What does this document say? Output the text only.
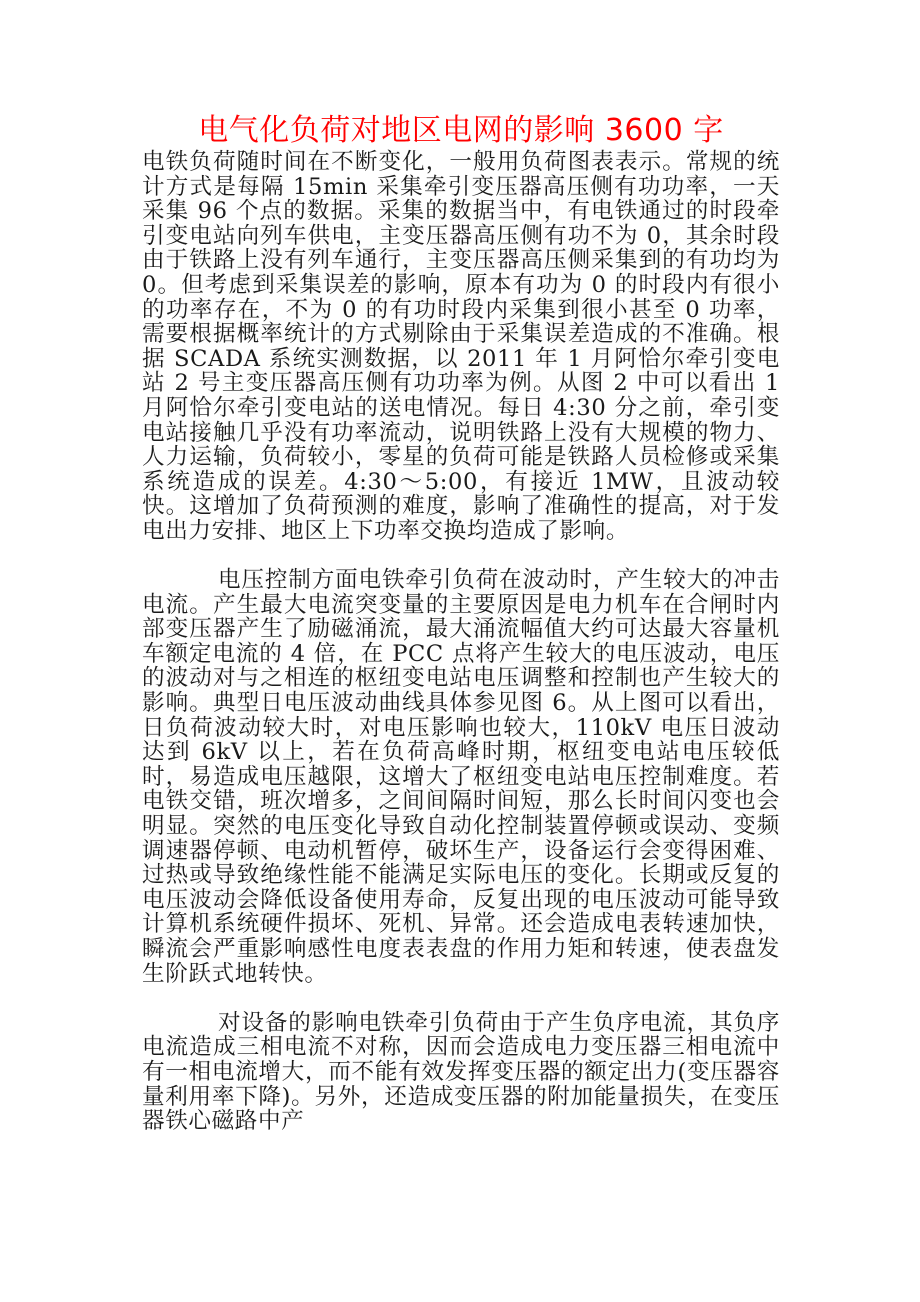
电气化负荷对地区电网的影响 3600 字

电铁负荷随时间在不断变化，一般用负荷图表表示。常规的统计方式是每隔 15min 采集牵引变压器高压侧有功功率，一天采集 96 个点的数据。采集的数据当中，有电铁通过的时段牵引变电站向列车供电，主变压器高压侧有功不为 0，其余时段由于铁路上没有列车通行，主变压器高压侧采集到的有功均为 0。但考虑到采集误差的影响，原本有功为 0 的时段内有很小的功率存在，不为 0 的有功时段内采集到很小甚至 0 功率，需要根据概率统计的方式剔除由于采集误差造成的不准确。根据 SCADA 系统实测数据，以 2011 年 1 月阿恰尔牵引变电站 2 号主变压器高压侧有功功率为例。从图 2 中可以看出 1 月阿恰尔牵引变电站的送电情况。每日 4:30 分之前，牵引变电站接触几乎没有功率流动，说明铁路上没有大规模的物力、人力运输，负荷较小，零星的负荷可能是铁路人员检修或采集系统造成的误差。4:30～5:00，有接近 1MW，且波动较快。这增加了负荷预测的难度，影响了准确性的提高，对于发电出力安排、地区上下功率交换均造成了影响。

电压控制方面电铁牵引负荷在波动时，产生较大的冲击电流。产生最大电流突变量的主要原因是电力机车在合闸时内部变压器产生了励磁涌流，最大涌流幅值大约可达最大容量机车额定电流的 4 倍，在 PCC 点将产生较大的电压波动，电压的波动对与之相连的枢纽变电站电压调整和控制也产生较大的影响。典型日电压波动曲线具体参见图 6。从上图可以看出，日负荷波动较大时，对电压影响也较大，110kV 电压日波动达到 6kV 以上，若在负荷高峰时期，枢纽变电站电压较低时，易造成电压越限，这增大了枢纽变电站电压控制难度。若电铁交错，班次增多，之间间隔时间短，那么长时间闪变也会明显。突然的电压变化导致自动化控制装置停顿或误动、变频调速器停顿、电动机暂停，破坏生产，设备运行会变得困难、过热或导致绝缘性能不能满足实际电压的变化。长期或反复的电压波动会降低设备使用寿命，反复出现的电压波动可能导致计算机系统硬件损坏、死机、异常。还会造成电表转速加快，瞬流会严重影响感性电度表表盘的作用力矩和转速，使表盘发生阶跃式地转快。

对设备的影响电铁牵引负荷由于产生负序电流，其负序电流造成三相电流不对称，因而会造成电力变压器三相电流中有一相电流增大，而不能有效发挥变压器的额定出力(变压器容量利用率下降)。另外，还造成变压器的附加能量损失，在变压器铁心磁路中产
